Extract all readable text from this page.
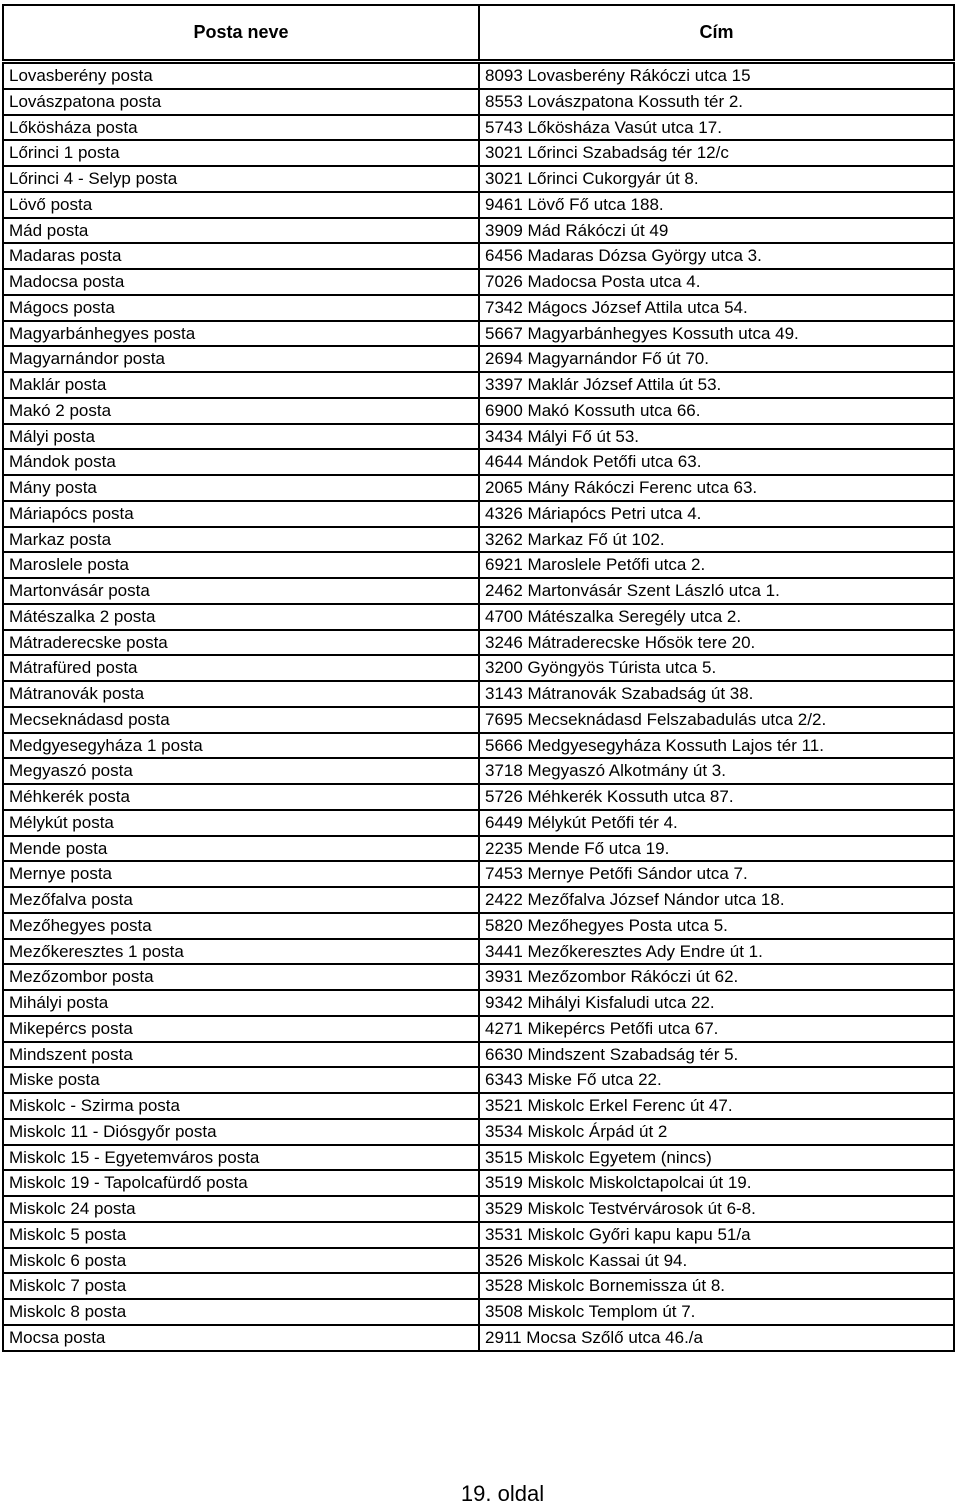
Posta neve	Cím
Lovasberény posta	8093 Lovasberény Rákóczi utca 15
Lovászpatona posta	8553 Lovászpatona Kossuth tér 2.
Lőkösháza posta	5743 Lőkösháza Vasút utca 17.
Lőrinci 1 posta	3021 Lőrinci Szabadság tér 12/c
Lőrinci 4 - Selyp posta	3021 Lőrinci Cukorgyár út 8.
Lövő posta	9461 Lövő Fő utca 188.
Mád posta	3909 Mád Rákóczi út 49
Madaras posta	6456 Madaras Dózsa György utca 3.
Madocsa posta	7026 Madocsa Posta utca 4.
Mágocs posta	7342 Mágocs József Attila utca 54.
Magyarbánhegyes posta	5667 Magyarbánhegyes Kossuth utca 49.
Magyarnándor posta	2694 Magyarnándor Fő út 70.
Maklár posta	3397 Maklár József Attila út 53.
Makó 2 posta	6900 Makó Kossuth utca 66.
Mályi posta	3434 Mályi Fő út 53.
Mándok posta	4644 Mándok Petőfi utca 63.
Mány posta	2065 Mány Rákóczi Ferenc utca 63.
Máriapócs posta	4326 Máriapócs Petri utca 4.
Markaz posta	3262 Markaz Fő út 102.
Maroslele posta	6921 Maroslele Petőfi utca 2.
Martonvásár posta	2462 Martonvásár Szent László utca 1.
Mátészalka 2 posta	4700 Mátészalka Seregély utca 2.
Mátraderecske posta	3246 Mátraderecske Hősök tere 20.
Mátrafüred posta	3200 Gyöngyös Túrista utca 5.
Mátranovák posta	3143 Mátranovák Szabadság út 38.
Mecseknádasd posta	7695 Mecseknádasd Felszabadulás utca 2/2.
Medgyesegyháza 1 posta	5666 Medgyesegyháza Kossuth Lajos tér 11.
Megyaszó posta	3718 Megyaszó Alkotmány út 3.
Méhkerék posta	5726 Méhkerék Kossuth utca 87.
Mélykút posta	6449 Mélykút Petőfi tér 4.
Mende posta	2235 Mende Fő utca 19.
Mernye posta	7453 Mernye Petőfi Sándor utca 7.
Mezőfalva posta	2422 Mezőfalva József Nándor utca 18.
Mezőhegyes posta	5820 Mezőhegyes Posta utca 5.
Mezőkeresztes 1 posta	3441 Mezőkeresztes Ady Endre út 1.
Mezőzombor posta	3931 Mezőzombor Rákóczi út 62.
Mihályi posta	9342 Mihályi Kisfaludi utca 22.
Mikepércs posta	4271 Mikepércs Petőfi utca 67.
Mindszent posta	6630 Mindszent Szabadság tér 5.
Miske posta	6343 Miske Fő utca 22.
Miskolc - Szirma posta	3521 Miskolc Erkel Ferenc út 47.
Miskolc 11 - Diósgyőr posta	3534 Miskolc Árpád út 2
Miskolc 15 - Egyetemváros posta	3515 Miskolc Egyetem (nincs)
Miskolc 19 - Tapolcafürdő posta	3519 Miskolc Miskolctapolcai út 19.
Miskolc 24 posta	3529 Miskolc Testvérvárosok út 6-8.
Miskolc 5 posta	3531 Miskolc Győri kapu kapu 51/a
Miskolc 6 posta	3526 Miskolc Kassai út 94.
Miskolc 7 posta	3528 Miskolc Bornemissza út 8.
Miskolc 8 posta	3508 Miskolc Templom út 7.
Mocsa posta	2911 Mocsa Szőlő utca 46./a
19. oldal
